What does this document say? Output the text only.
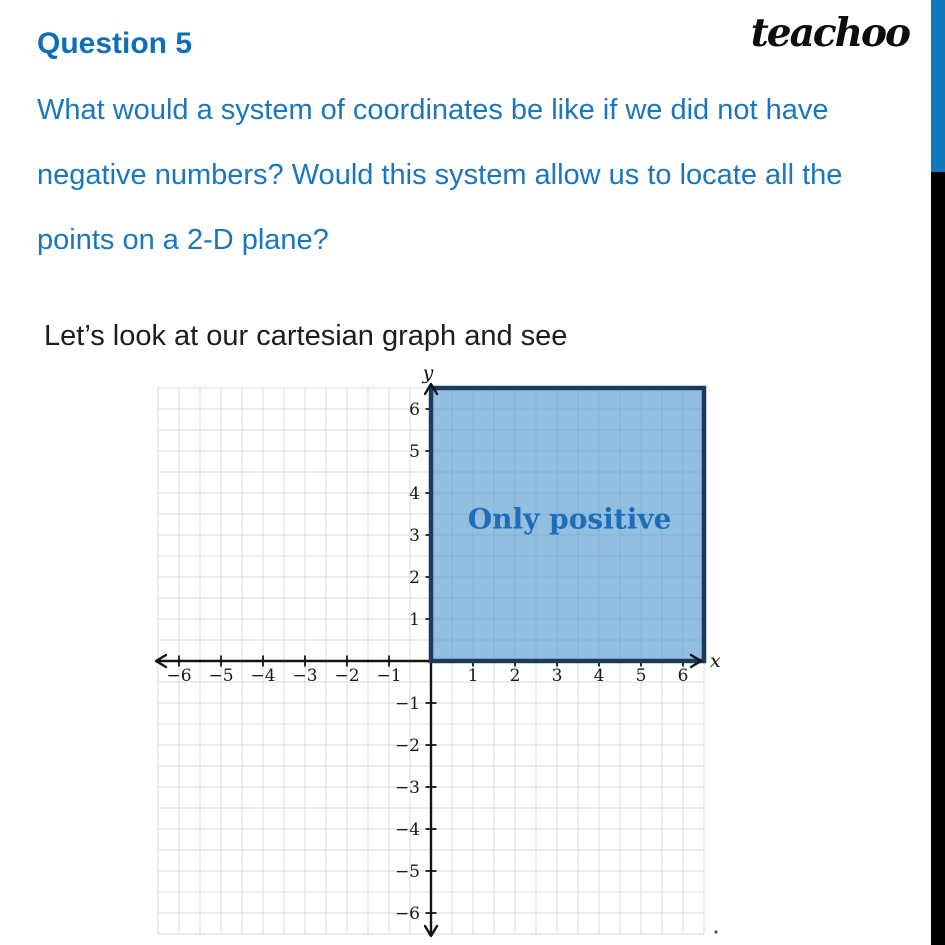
Question 5	teachoo
What would a system of coordinates be like if we did not have
negative numbers? Would this system allow us to locate all the
points on a 2-D plane?
Let’s look at our cartesian graph and see
−6 −5 −4 −3 −2 −1	1 2 3 4 5 6
6
5
4
3
2
1
−1
−2
−3
−4
−5
−6
x
y
Only positive
